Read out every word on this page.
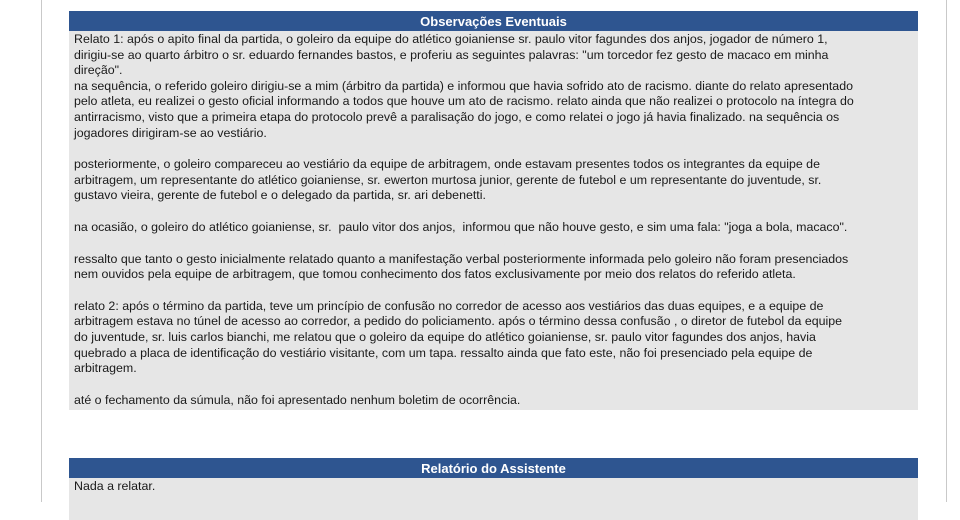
Observações Eventuais

Relato 1: após o apito final da partida, o goleiro da equipe do atlético goianiense sr. paulo vitor fagundes dos anjos, jogador de número 1,
dirigiu-se ao quarto árbitro o sr. eduardo fernandes bastos, e proferiu as seguintes palavras: "um torcedor fez gesto de macaco em minha
direção".
na sequência, o referido goleiro dirigiu-se a mim (árbitro da partida) e informou que havia sofrido ato de racismo. diante do relato apresentado
pelo atleta, eu realizei o gesto oficial informando a todos que houve um ato de racismo. relato ainda que não realizei o protocolo na íntegra do
antirracismo, visto que a primeira etapa do protocolo prevê a paralisação do jogo, e como relatei o jogo já havia finalizado. na sequência os
jogadores dirigiram-se ao vestiário.

posteriormente, o goleiro compareceu ao vestiário da equipe de arbitragem, onde estavam presentes todos os integrantes da equipe de
arbitragem, um representante do atlético goianiense, sr. ewerton murtosa junior, gerente de futebol e um representante do juventude, sr.
gustavo vieira, gerente de futebol e o delegado da partida, sr. ari debenetti.

na ocasião, o goleiro do atlético goianiense, sr.  paulo vitor dos anjos,  informou que não houve gesto, e sim uma fala: "joga a bola, macaco".

ressalto que tanto o gesto inicialmente relatado quanto a manifestação verbal posteriormente informada pelo goleiro não foram presenciados
nem ouvidos pela equipe de arbitragem, que tomou conhecimento dos fatos exclusivamente por meio dos relatos do referido atleta.

relato 2: após o término da partida, teve um princípio de confusão no corredor de acesso aos vestiários das duas equipes, e a equipe de
arbitragem estava no túnel de acesso ao corredor, a pedido do policiamento. após o término dessa confusão , o diretor de futebol da equipe
do juventude, sr. luis carlos bianchi, me relatou que o goleiro da equipe do atlético goianiense, sr. paulo vitor fagundes dos anjos, havia
quebrado a placa de identificação do vestiário visitante, com um tapa. ressalto ainda que fato este, não foi presenciado pela equipe de
arbitragem.

até o fechamento da súmula, não foi apresentado nenhum boletim de ocorrência.

Relatório do Assistente

Nada a relatar.
